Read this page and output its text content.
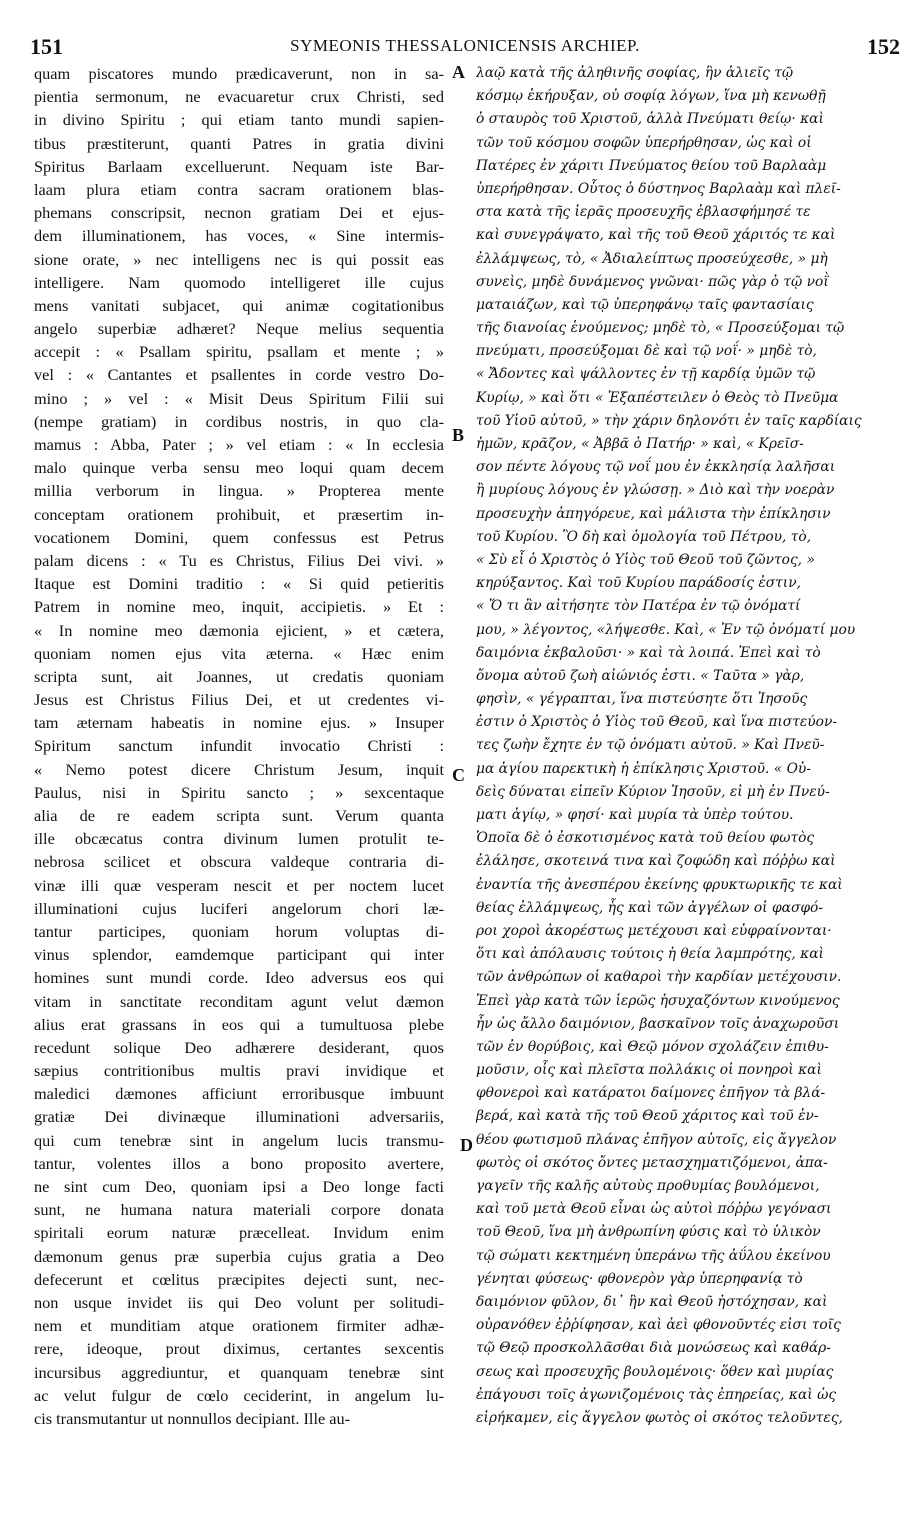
151	SYMEONIS THESSALONICENSIS ARCHIEP.	152
quam piscatores mundo prædicaverunt, non in sa-
pientia sermonum, ne evacuaretur crux Christi, sed
in divino Spiritu ; qui etiam tanto mundi sapien-
tibus præstiterunt, quanti Patres in gratia divini
Spiritus Barlaam excelluerunt. Nequam iste Bar-
laam plura etiam contra sacram orationem blas-
phemans conscripsit, necnon gratiam Dei et ejus-
dem illuminationem, has voces, « Sine intermis-
sione orate, » nec intelligens nec is qui possit eas
intelligere. Nam quomodo intelligeret ille cujus
mens vanitati subjacet, qui animæ cogitationibus
angelo superbiæ adhæret? Neque melius sequentia
accepit : « Psallam spiritu, psallam et mente ; »
vel : « Cantantes et psallentes in corde vestro Do-
mino ; » vel : « Misit Deus Spiritum Filii sui
(nempe gratiam) in cordibus nostris, in quo cla-
mamus : Abba, Pater ; » vel etiam : « In ecclesia
malo quinque verba sensu meo loqui quam decem
millia verborum in lingua. » Propterea mente
conceptam orationem prohibuit, et præsertim in-
vocationem Domini, quem confessus est Petrus
palam dicens : « Tu es Christus, Filius Dei vivi. »
Itaque est Domini traditio : « Si quid petieritis
Patrem in nomine meo, inquit, accipietis. » Et :
« In nomine meo dæmonia ejicient, » et cætera,
quoniam nomen ejus vita æterna. « Hæc enim
scripta sunt, ait Joannes, ut credatis quoniam
Jesus est Christus Filius Dei, et ut credentes vi-
tam æternam habeatis in nomine ejus. » Insuper
Spiritum sanctum infundit invocatio Christi :
« Nemo potest dicere Christum Jesum, inquit
Paulus, nisi in Spiritu sancto ; » sexcentaque
alia de re eadem scripta sunt. Verum quanta
ille obcæcatus contra divinum lumen protulit te-
nebrosa scilicet et obscura valdeque contraria di-
vinæ illi quæ vesperam nescit et per noctem lucet
illuminationi cujus luciferi angelorum chori læ-
tantur participes, quoniam horum voluptas di-
vinus splendor, eamdemque participant qui inter
homines sunt mundi corde. Ideo adversus eos qui
vitam in sanctitate reconditam agunt velut dæmon
alius erat grassans in eos qui a tumultuosa plebe
recedunt solique Deo adhærere desiderant, quos
sæpius contritionibus multis pravi invidique et
maledici dæmones afficiunt erroribusque imbuunt
gratiæ Dei divinæque illuminationi adversariis,
qui cum tenebræ sint in angelum lucis transmu-
tantur, volentes illos a bono proposito avertere,
ne sint cum Deo, quoniam ipsi a Deo longe facti
sunt, ne humana natura materiali corpore donata
spiritali eorum naturæ præcelleat. Invidum enim
dæmonum genus præ superbia cujus gratia a Deo
defecerunt et cœlitus præcipites dejecti sunt, nec-
non usque invidet iis qui Deo volunt per solitudi-
nem et munditiam atque orationem firmiter adhæ-
rere, ideoque, prout diximus, certantes sexcentis
incursibus aggrediuntur, et quanquam tenebræ sint
ac velut fulgur de cœlo ceciderint, in angelum lu-
cis transmutantur ut nonnullos decipiant. Ille au-
A
B
C
D
λαῷ κατὰ τῆς ἀληθινῆς σοφίας, ἣν ἁλιεῖς τῷ
κόσμῳ ἐκήρυξαν, οὐ σοφίᾳ λόγων, ἵνα μὴ κενωθῇ
ὁ σταυρὸς τοῦ Χριστοῦ, ἀλλὰ Πνεύματι θείῳ· καὶ
τῶν τοῦ κόσμου σοφῶν ὑπερήρθησαν, ὡς καὶ οἱ
Πατέρες ἐν χάριτι Πνεύματος θείου τοῦ Βαρλαὰμ
ὑπερήρθησαν. Οὗτος ὁ δύστηνος Βαρλαὰμ καὶ πλεῖ-
στα κατὰ τῆς ἱερᾶς προσευχῆς ἐβλασφήμησέ τε
καὶ συνεγράψατο, καὶ τῆς τοῦ Θεοῦ χάριτός τε καὶ
ἐλλάμψεως, τὸ, « Ἀδιαλείπτως προσεύχεσθε, » μὴ
συνεὶς, μηδὲ δυνάμενος γνῶναι· πῶς γὰρ ὁ τῷ νοῒ
ματαιάζων, καὶ τῷ ὑπερηφάνῳ ταῖς φαντασίαις
τῆς διανοίας ἑνούμενος; μηδὲ τὸ, « Προσεύξομαι τῷ
πνεύματι, προσεύξομαι δὲ καὶ τῷ νοΐ· » μηδὲ τὸ,
« Ἄδοντες καὶ ψάλλοντες ἐν τῇ καρδίᾳ ὑμῶν τῷ
Κυρίῳ, » καὶ ὅτι « Ἐξαπέστειλεν ὁ Θεὸς τὸ Πνεῦμα
τοῦ Υἱοῦ αὐτοῦ, » τὴν χάριν δηλονότι ἐν ταῖς καρδίαις
ἡμῶν, κρᾶζον, « Ἀββᾶ ὁ Πατήρ· » καὶ, « Κρεῖσ-
σον πέντε λόγους τῷ νοΐ μου ἐν ἐκκλησίᾳ λαλῆσαι
ἢ μυρίους λόγους ἐν γλώσσῃ. » Διὸ καὶ τὴν νοερὰν
προσευχὴν ἀπηγόρευε, καὶ μάλιστα τὴν ἐπίκλησιν
τοῦ Κυρίου. Ὃ δὴ καὶ ὁμολογία τοῦ Πέτρου, τὸ,
« Σὺ εἶ ὁ Χριστὸς ὁ Υἱὸς τοῦ Θεοῦ τοῦ ζῶντος, »
κηρύξαντος. Καὶ τοῦ Κυρίου παράδοσίς ἐστιν,
« Ὅ τι ἂν αἰτήσητε τὸν Πατέρα ἐν τῷ ὀνόματί
μου, » λέγοντος, «λήψεσθε. Καὶ, « Ἐν τῷ ὀνόματί μου
δαιμόνια ἐκβαλοῦσι· » καὶ τὰ λοιπά. Ἐπεὶ καὶ τὸ
ὄνομα αὐτοῦ ζωὴ αἰώνιός ἐστι. « Ταῦτα » γὰρ,
φησὶν, « γέγραπται, ἵνα πιστεύσητε ὅτι Ἰησοῦς
ἐστιν ὁ Χριστὸς ὁ Υἱὸς τοῦ Θεοῦ, καὶ ἵνα πιστεύον-
τες ζωὴν ἔχητε ἐν τῷ ὀνόματι αὐτοῦ. » Καὶ Πνεῦ-
μα ἁγίου παρεκτικὴ ἡ ἐπίκλησις Χριστοῦ. « Οὐ-
δεὶς δύναται εἰπεῖν Κύριον Ἰησοῦν, εἰ μὴ ἐν Πνεύ-
ματι ἁγίῳ, » φησί· καὶ μυρία τὰ ὑπὲρ τούτου.
Ὁποῖα δὲ ὁ ἐσκοτισμένος κατὰ τοῦ θείου φωτὸς
ἐλάλησε, σκοτεινά τινα καὶ ζοφώδη καὶ πόῤῥω καὶ
ἐναντία τῆς ἀνεσπέρου ἐκείνης φρυκτωρικῆς τε καὶ
θείας ἐλλάμψεως, ἧς καὶ τῶν ἀγγέλων οἱ φασφό-
ροι χοροὶ ἀκορέστως μετέχουσι καὶ εὐφραίνονται·
ὅτι καὶ ἀπόλαυσις τούτοις ἡ θεία λαμπρότης, καὶ
τῶν ἀνθρώπων οἱ καθαροὶ τὴν καρδίαν μετέχουσιν.
Ἐπεὶ γὰρ κατὰ τῶν ἱερῶς ἡσυχαζόντων κινούμενος
ἦν ὡς ἄλλο δαιμόνιον, βασκαῖνον τοῖς ἀναχωροῦσι
τῶν ἐν θορύβοις, καὶ Θεῷ μόνον σχολάζειν ἐπιθυ-
μοῦσιν, οἷς καὶ πλεῖστα πολλάκις οἱ πονηροὶ καὶ
φθονεροὶ καὶ κατάρατοι δαίμονες ἐπῆγον τὰ βλά-
βερά, καὶ κατὰ τῆς τοῦ Θεοῦ χάριτος καὶ τοῦ ἐν-
θέου φωτισμοῦ πλάνας ἐπῆγον αὐτοῖς, εἰς ἄγγελον
φωτὸς οἱ σκότος ὄντες μετασχηματιζόμενοι, ἀπα-
γαγεῖν τῆς καλῆς αὐτοὺς προθυμίας βουλόμενοι,
καὶ τοῦ μετὰ Θεοῦ εἶναι ὡς αὐτοὶ πόῤῥω γεγόνασι
τοῦ Θεοῦ, ἵνα μὴ ἀνθρωπίνη φύσις καὶ τὸ ὑλικὸν
τῷ σώματι κεκτημένη ὑπεράνω τῆς ἀΰλου ἐκείνου
γένηται φύσεως· φθονερὸν γὰρ ὑπερηφανίᾳ τὸ
δαιμόνιον φῦλον, δι᾽ ἣν καὶ Θεοῦ ἠστόχησαν, καὶ
οὐρανόθεν ἐῤῥίφησαν, καὶ ἀεὶ φθονοῦντές εἰσι τοῖς
τῷ Θεῷ προσκολλᾶσθαι διὰ μονώσεως καὶ καθάρ-
σεως καὶ προσευχῆς βουλομένοις· ὅθεν καὶ μυρίας
ἐπάγουσι τοῖς ἀγωνιζομένοις τὰς ἐπηρείας, καὶ ὡς
εἰρήκαμεν, εἰς ἄγγελον φωτὸς οἱ σκότος τελοῦντες,
